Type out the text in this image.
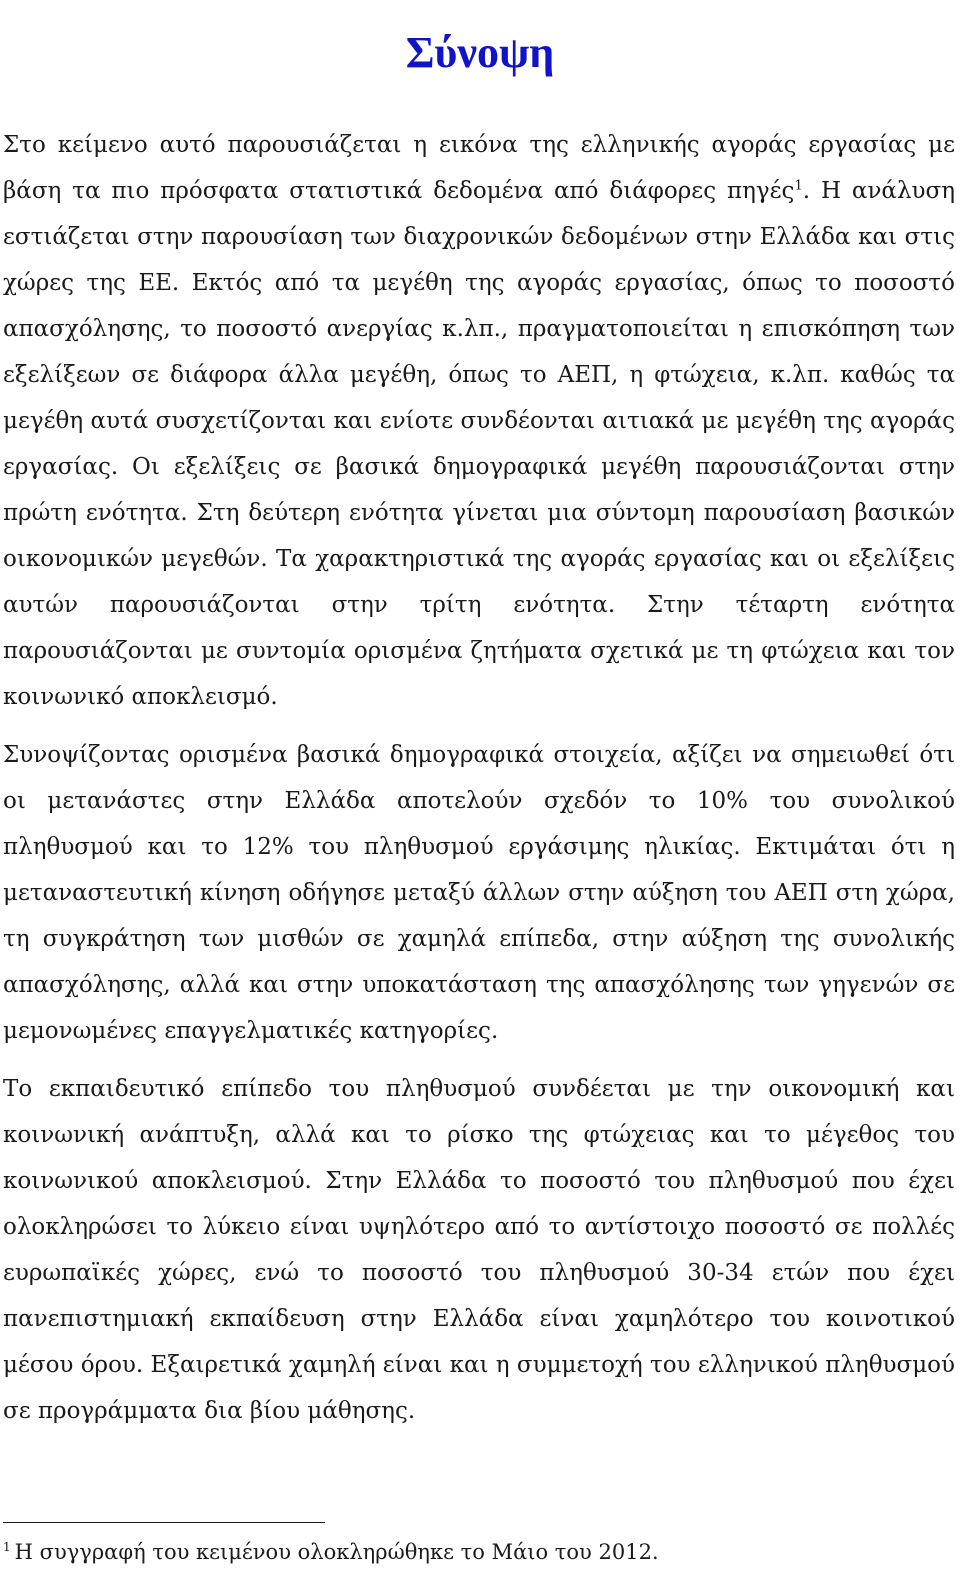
Σύνοψη

Στο κείμενο αυτό παρουσιάζεται η εικόνα της ελληνικής αγοράς εργασίας με βάση τα πιο πρόσφατα στατιστικά δεδομένα από διάφορες πηγές$^1$. Η ανάλυση εστιάζεται στην παρουσίαση των διαχρονικών δεδομένων στην Ελλάδα και στις χώρες της ΕΕ. Εκτός από τα μεγέθη της αγοράς εργασίας, όπως το ποσοστό απασχόλησης, το ποσοστό ανεργίας κ.λπ., πραγματοποιείται η επισκόπηση των εξελίξεων σε διάφορα άλλα μεγέθη, όπως το ΑΕΠ, η φτώχεια, κ.λπ. καθώς τα μεγέθη αυτά συσχετίζονται και ενίοτε συνδέονται αιτιακά με μεγέθη της αγοράς εργασίας. Οι εξελίξεις σε βασικά δημογραφικά μεγέθη παρουσιάζονται στην πρώτη ενότητα. Στη δεύτερη ενότητα γίνεται μια σύντομη παρουσίαση βασικών οικονομικών μεγεθών. Τα χαρακτηριστικά της αγοράς εργασίας και οι εξελίξεις αυτών παρουσιάζονται στην τρίτη ενότητα. Στην τέταρτη ενότητα παρουσιάζονται με συντομία ορισμένα ζητήματα σχετικά με τη φτώχεια και τον κοινωνικό αποκλεισμό.

Συνοψίζοντας ορισμένα βασικά δημογραφικά στοιχεία, αξίζει να σημειωθεί ότι οι μετανάστες στην Ελλάδα αποτελούν σχεδόν το 10% του συνολικού πληθυσμού και το 12% του πληθυσμού εργάσιμης ηλικίας. Εκτιμάται ότι η μεταναστευτική κίνηση οδήγησε μεταξύ άλλων στην αύξηση του ΑΕΠ στη χώρα, τη συγκράτηση των μισθών σε χαμηλά επίπεδα, στην αύξηση της συνολικής απασχόλησης, αλλά και στην υποκατάσταση της απασχόλησης των γηγενών σε μεμονωμένες επαγγελματικές κατηγορίες.

Το εκπαιδευτικό επίπεδο του πληθυσμού συνδέεται με την οικονομική και κοινωνική ανάπτυξη, αλλά και το ρίσκο της φτώχειας και το μέγεθος του κοινωνικού αποκλεισμού. Στην Ελλάδα το ποσοστό του πληθυσμού που έχει ολοκληρώσει το λύκειο είναι υψηλότερο από το αντίστοιχο ποσοστό σε πολλές ευρωπαϊκές χώρες, ενώ το ποσοστό του πληθυσμού 30-34 ετών που έχει πανεπιστημιακή εκπαίδευση στην Ελλάδα είναι χαμηλότερο του κοινοτικού μέσου όρου. Εξαιρετικά χαμηλή είναι και η συμμετοχή του ελληνικού πληθυσμού σε προγράμματα δια βίου μάθησης.

$^1$ Η συγγραφή του κειμένου ολοκληρώθηκε το Μάιο του 2012.
